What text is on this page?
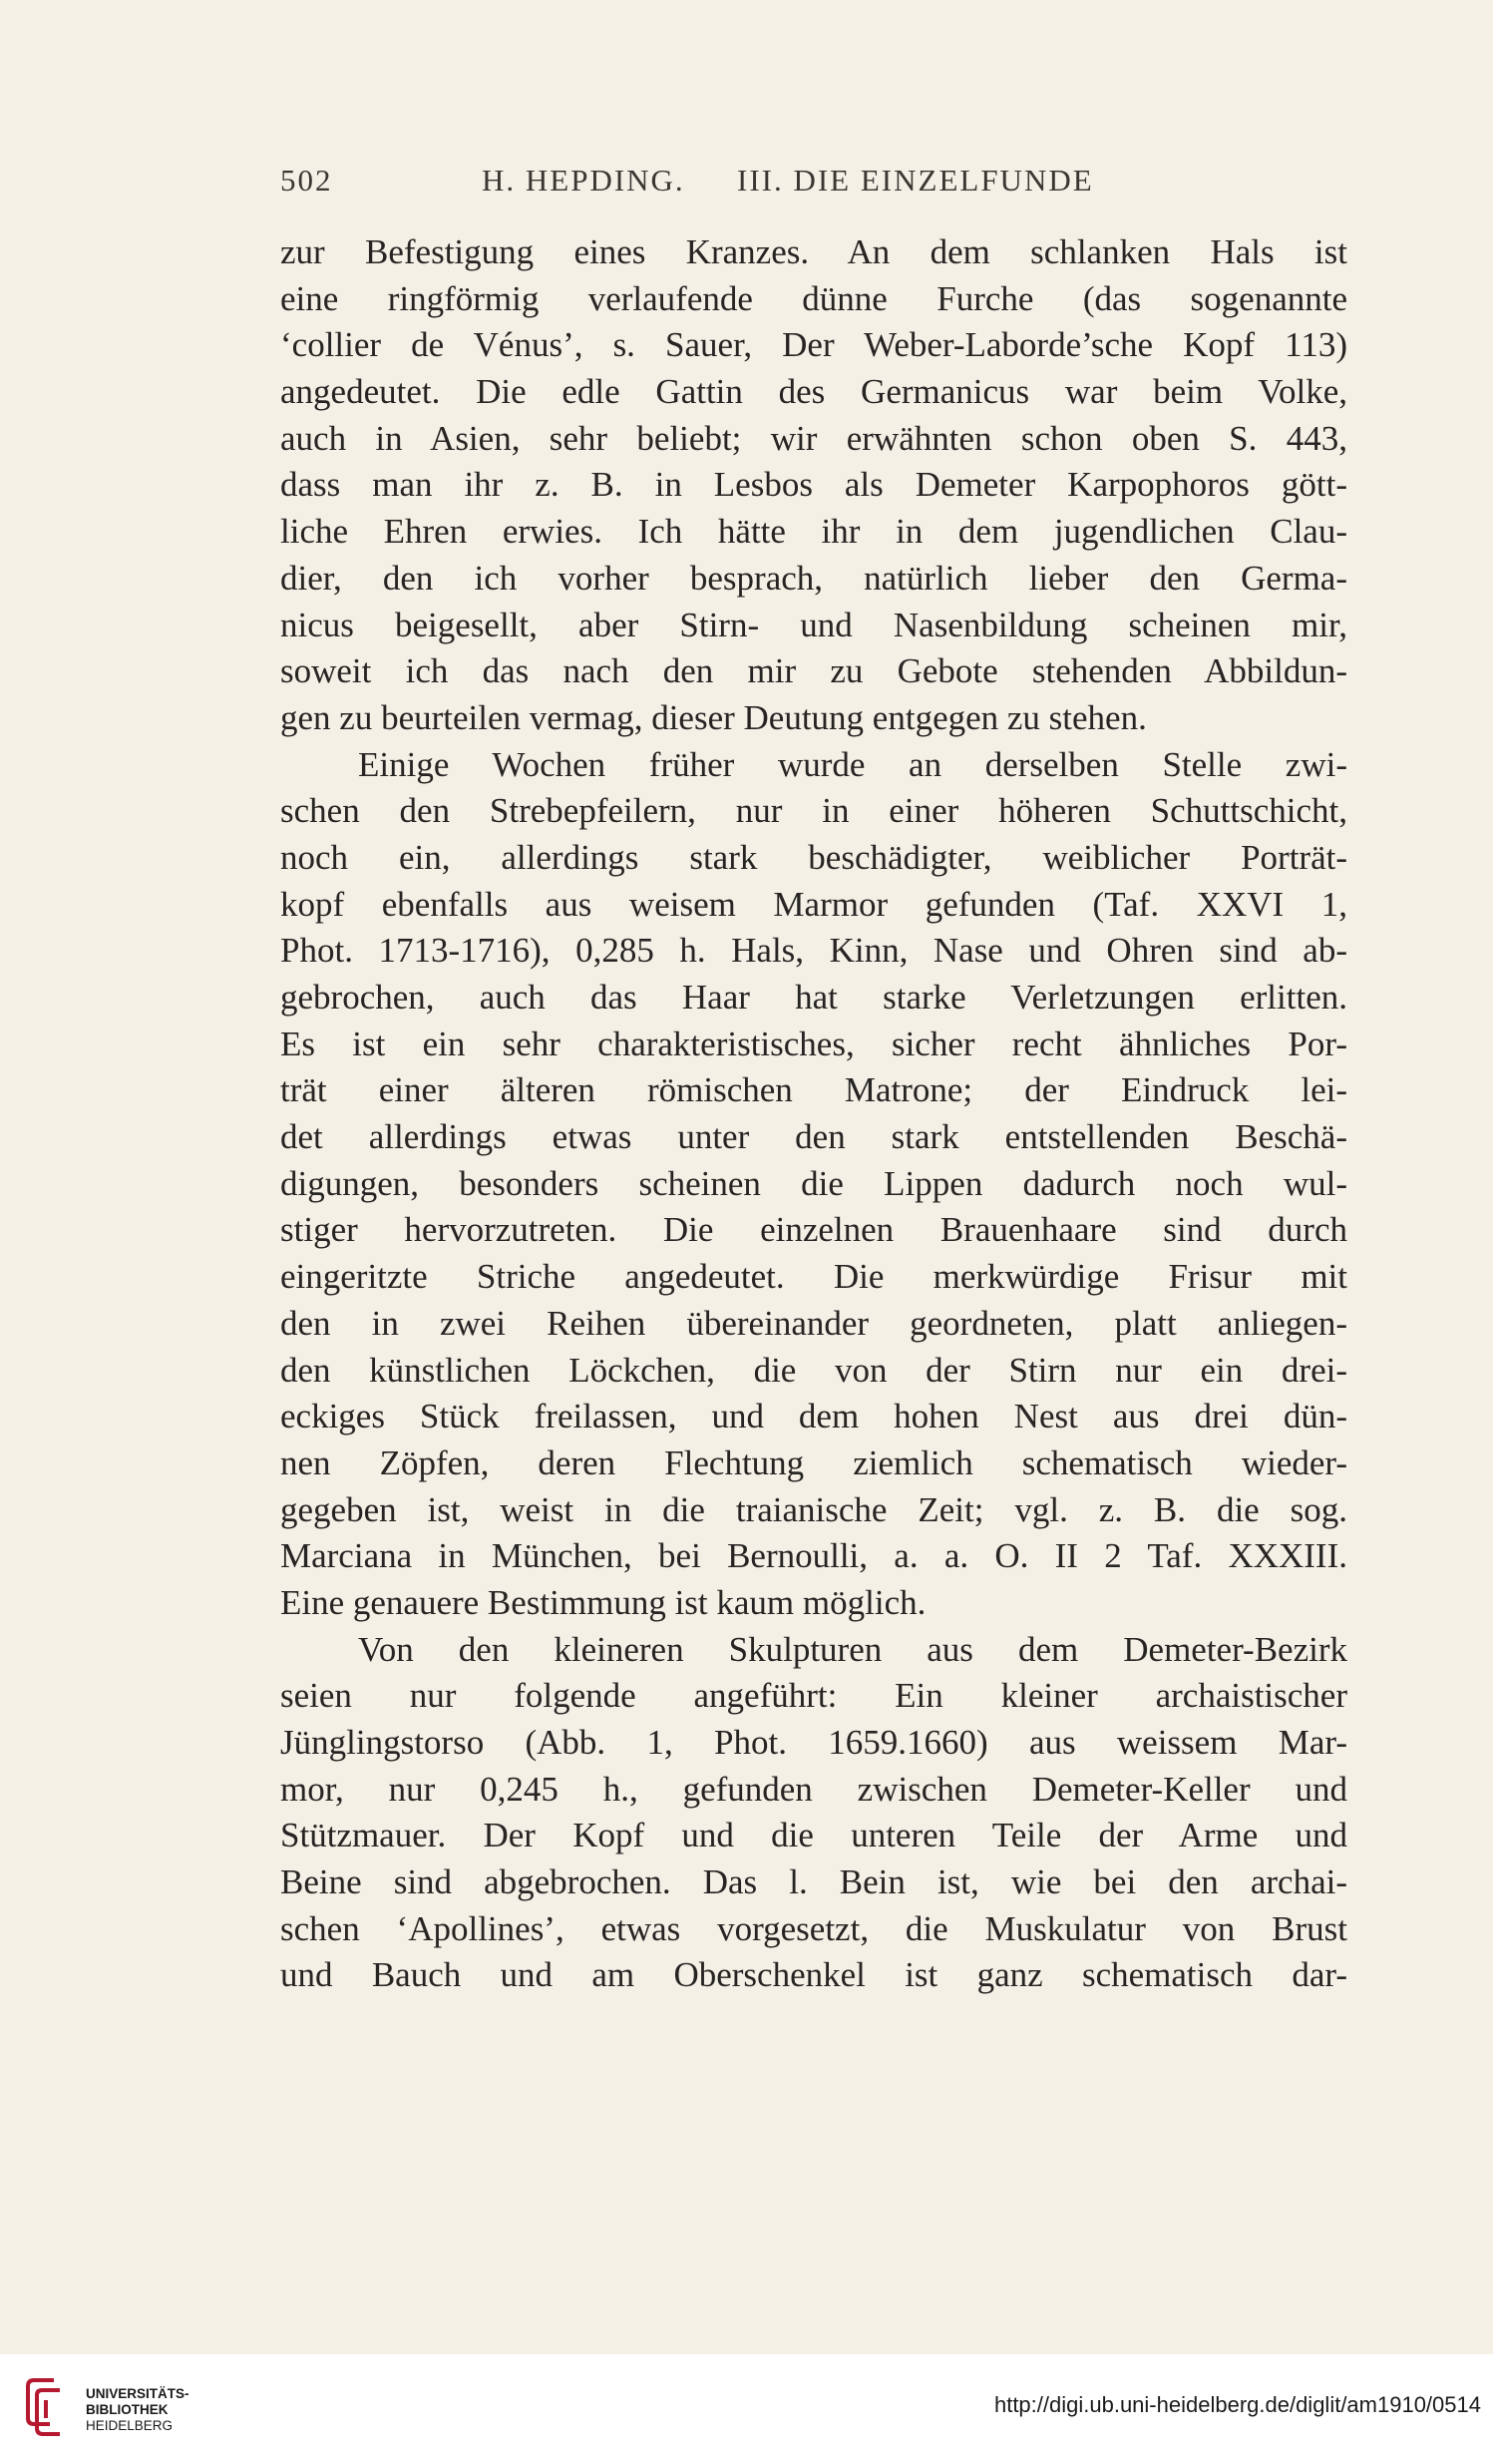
502	H. HEPDING. III. DIE EINZELFUNDE
zur Befestigung eines Kranzes. An dem schlanken Hals ist
eine ringförmig verlaufende dünne Furche (das sogenannte
‘collier de Vénus’, s. Sauer, Der Weber-Laborde’sche Kopf 113)
angedeutet. Die edle Gattin des Germanicus war beim Volke,
auch in Asien, sehr beliebt; wir erwähnten schon oben S. 443,
dass man ihr z. B. in Lesbos als Demeter Karpophoros gött-
liche Ehren erwies. Ich hätte ihr in dem jugendlichen Clau-
dier, den ich vorher besprach, natürlich lieber den Germa-
nicus beigesellt, aber Stirn- und Nasenbildung scheinen mir,
soweit ich das nach den mir zu Gebote stehenden Abbildun-
gen zu beurteilen vermag, dieser Deutung entgegen zu stehen.
Einige Wochen früher wurde an derselben Stelle zwi-
schen den Strebepfeilern, nur in einer höheren Schuttschicht,
noch ein, allerdings stark beschädigter, weiblicher Porträt-
kopf ebenfalls aus weisem Marmor gefunden (Taf. XXVI 1,
Phot. 1713-1716), 0,285 h. Hals, Kinn, Nase und Ohren sind ab-
gebrochen, auch das Haar hat starke Verletzungen erlitten.
Es ist ein sehr charakteristisches, sicher recht ähnliches Por-
trät einer älteren römischen Matrone; der Eindruck lei-
det allerdings etwas unter den stark entstellenden Beschä-
digungen, besonders scheinen die Lippen dadurch noch wul-
stiger hervorzutreten. Die einzelnen Brauenhaare sind durch
eingeritzte Striche angedeutet. Die merkwürdige Frisur mit
den in zwei Reihen übereinander geordneten, platt anliegen-
den künstlichen Löckchen, die von der Stirn nur ein drei-
eckiges Stück freilassen, und dem hohen Nest aus drei dün-
nen Zöpfen, deren Flechtung ziemlich schematisch wieder-
gegeben ist, weist in die traianische Zeit; vgl. z. B. die sog.
Marciana in München, bei Bernoulli, a. a. O. II 2 Taf. XXXIII.
Eine genauere Bestimmung ist kaum möglich.
Von den kleineren Skulpturen aus dem Demeter-Bezirk
seien nur folgende angeführt: Ein kleiner archaistischer
Jünglingstorso (Abb. 1, Phot. 1659.1660) aus weissem Mar-
mor, nur 0,245 h., gefunden zwischen Demeter-Keller und
Stützmauer. Der Kopf und die unteren Teile der Arme und
Beine sind abgebrochen. Das l. Bein ist, wie bei den archai-
schen ‘Apollines’, etwas vorgesetzt, die Muskulatur von Brust
und Bauch und am Oberschenkel ist ganz schematisch dar-
UNIVERSITÄTS-
BIBLIOTHEK
HEIDELBERG
http://digi.ub.uni-heidelberg.de/diglit/am1910/0514
